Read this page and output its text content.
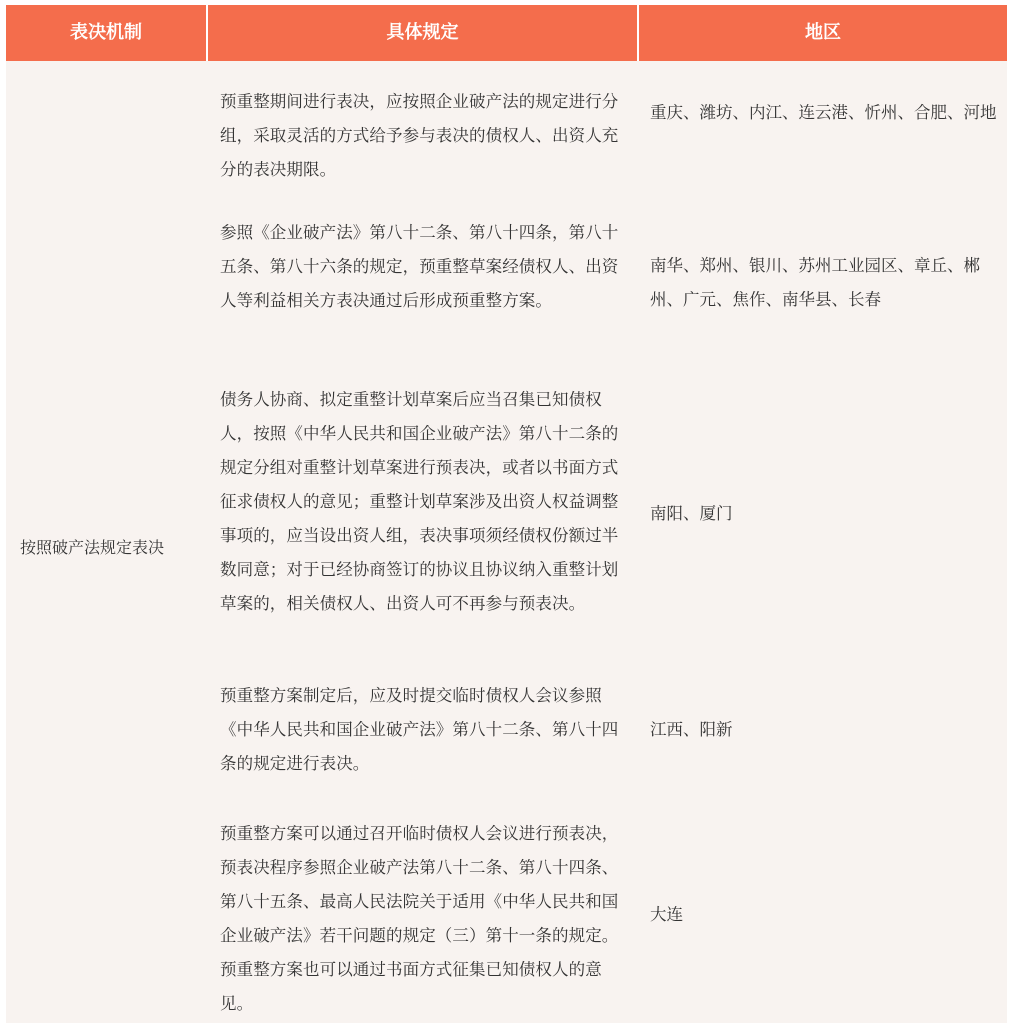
表决机制	具体规定	地区
按照破产法规定表决
预重整期间进行表决，应按照企业破产法的规定进行分组，采取灵活的方式给予参与表决的债权人、出资人充分的表决期限。
重庆、潍坊、内江、连云港、忻州、合肥、河地
参照《企业破产法》第八十二条、第八十四条，第八十五条、第八十六条的规定，预重整草案经债权人、出资人等利益相关方表决通过后形成预重整方案。
南华、郑州、银川、苏州工业园区、章丘、郴州、广元、焦作、南华县、长春
债务人协商、拟定重整计划草案后应当召集已知债权人，按照《中华人民共和国企业破产法》第八十二条的规定分组对重整计划草案进行预表决，或者以书面方式征求债权人的意见；重整计划草案涉及出资人权益调整事项的，应当设出资人组，表决事项须经债权份额过半数同意；对于已经协商签订的协议且协议纳入重整计划草案的，相关债权人、出资人可不再参与预表决。
南阳、厦门
预重整方案制定后，应及时提交临时债权人会议参照《中华人民共和国企业破产法》第八十二条、第八十四条的规定进行表决。
江西、阳新
预重整方案可以通过召开临时债权人会议进行预表决，预表决程序参照企业破产法第八十二条、第八十四条、第八十五条、最高人民法院关于适用《中华人民共和国企业破产法》若干问题的规定（三）第十一条的规定。预重整方案也可以通过书面方式征集已知债权人的意见。
大连
